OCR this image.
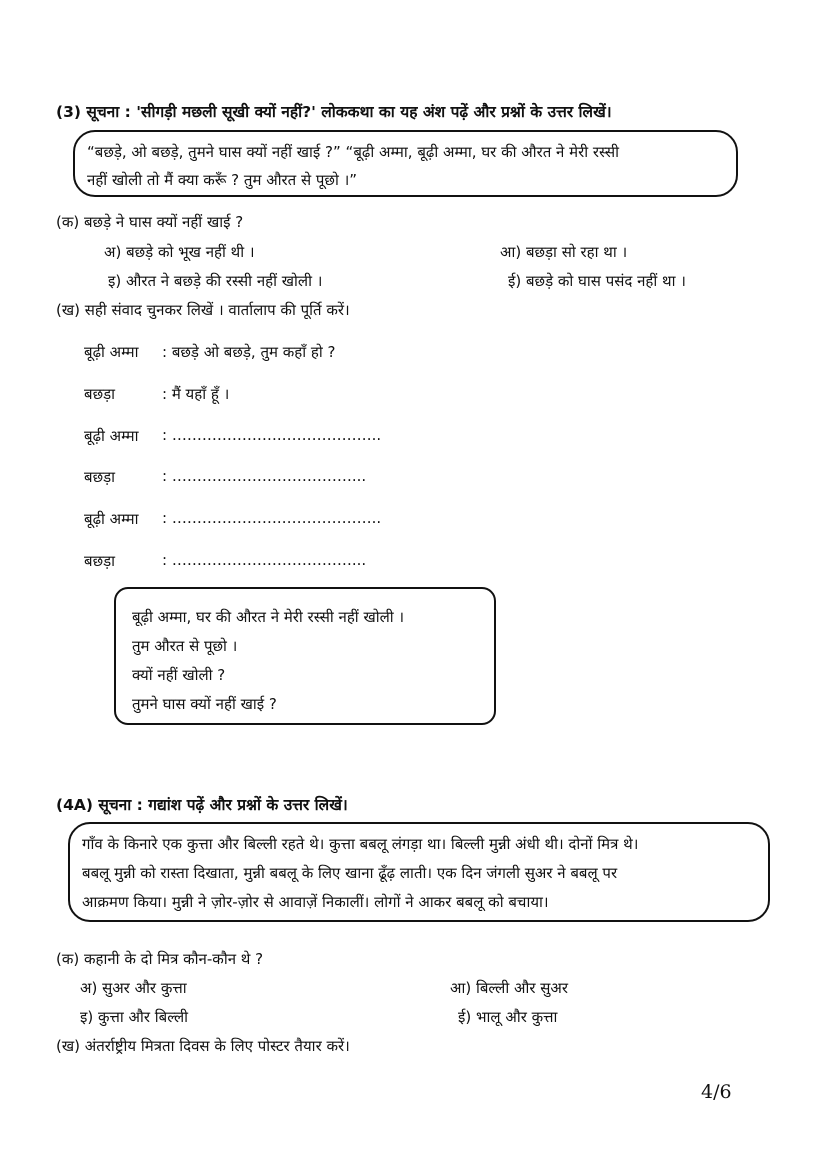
(3) सूचना : 'सीगड़ी मछली सूखी क्यों नहीं?' लोककथा का यह अंश पढ़ें और प्रश्नों के उत्तर लिखें।
“बछड़े, ओ बछड़े, तुमने घास क्यों नहीं खाई ?” “बूढ़ी अम्मा, बूढ़ी अम्मा, घर की औरत ने मेरी रस्सी
नहीं खोली तो मैं क्या करूँ ? तुम औरत से पूछो ।”
(क) बछड़े ने घास क्यों नहीं खाई ?
अ) बछड़े को भूख नहीं थी ।	आ) बछड़ा सो रहा था ।
इ) औरत ने बछड़े की रस्सी नहीं खोली ।	ई) बछड़े को घास पसंद नहीं था ।
(ख) सही संवाद चुनकर लिखें । वार्तालाप की पूर्ति करें।
बूढ़ी अम्मा : बछड़े ओ बछड़े, तुम कहाँ हो ?
बछड़ा	: मैं यहाँ हूँ ।
बूढ़ी अम्मा : ………………….………………..
बछड़ा	: ………………………………...
बूढ़ी अम्मा : ………………….………………..
बछड़ा	: ………………………………...
बूढ़ी अम्मा, घर की औरत ने मेरी रस्सी नहीं खोली ।
तुम औरत से पूछो ।
क्यों नहीं खोली ?
तुमने घास क्यों नहीं खाई ?
(4A) सूचना : गद्यांश पढ़ें और प्रश्नों के उत्तर लिखें।
गाँव के किनारे एक कुत्ता और बिल्ली रहते थे। कुत्ता बबलू लंगड़ा था। बिल्ली मुन्नी अंधी थी। दोनों मित्र थे।
बबलू मुन्नी को रास्ता दिखाता, मुन्नी बबलू के लिए खाना ढूँढ़ लाती। एक दिन जंगली सुअर ने बबलू पर
आक्रमण किया। मुन्नी ने ज़ोर-ज़ोर से आवाज़ें निकालीं। लोगों ने आकर बबलू को बचाया।
(क) कहानी के दो मित्र कौन-कौन थे ?
अ) सुअर और कुत्ता	आ) बिल्ली और सुअर
इ) कुत्ता और बिल्ली	ई) भालू और कुत्ता
(ख) अंतर्राष्ट्रीय मित्रता दिवस के लिए पोस्टर तैयार करें।
4/6
